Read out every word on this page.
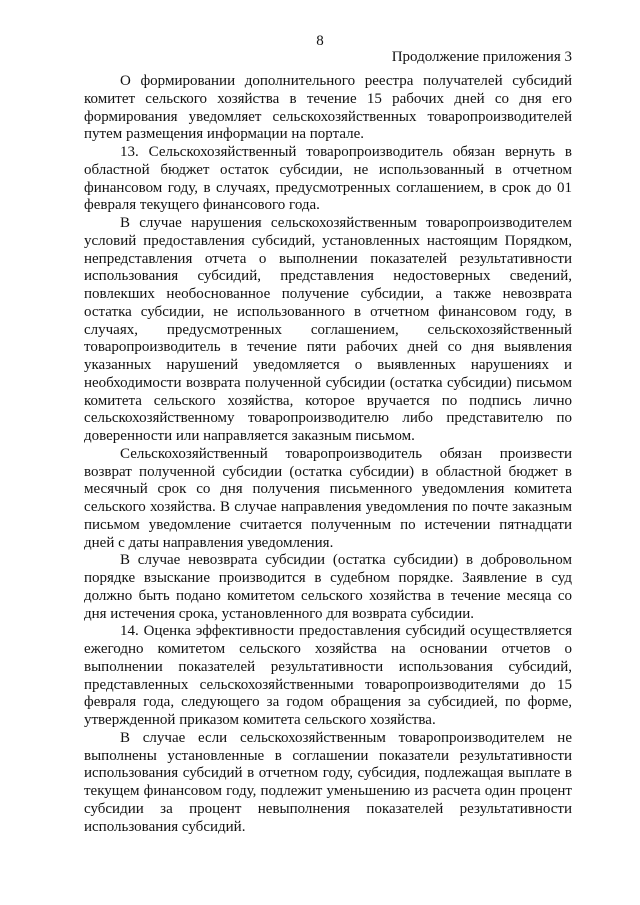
8
Продолжение приложения 3

О формировании дополнительного реестра получателей субсидий комитет сельского хозяйства в течение 15 рабочих дней со дня его формирования уведомляет сельскохозяйственных товаропроизводителей путем размещения информации на портале.

13. Сельскохозяйственный товаропроизводитель обязан вернуть в областной бюджет остаток субсидии, не использованный в отчетном финансовом году, в случаях, предусмотренных соглашением, в срок до 01 февраля текущего финансового года.

В случае нарушения сельскохозяйственным товаропроизводителем условий предоставления субсидий, установленных настоящим Порядком, непредставления отчета о выполнении показателей результативности использования субсидий, представления недостоверных сведений, повлекших необоснованное получение субсидии, а также невозврата остатка субсидии, не использованного в отчетном финансовом году, в случаях, предусмотренных соглашением, сельскохозяйственный товаропроизводитель в течение пяти рабочих дней со дня выявления указанных нарушений уведомляется о выявленных нарушениях и необходимости возврата полученной субсидии (остатка субсидии) письмом комитета сельского хозяйства, которое вручается по подпись лично сельскохозяйственному товаропроизводителю либо представителю по доверенности или направляется заказным письмом.

Сельскохозяйственный товаропроизводитель обязан произвести возврат полученной субсидии (остатка субсидии) в областной бюджет в месячный срок со дня получения письменного уведомления комитета сельского хозяйства. В случае направления уведомления по почте заказным письмом уведомление считается полученным по истечении пятнадцати дней с даты направления уведомления.

В случае невозврата субсидии (остатка субсидии) в добровольном порядке взыскание производится в судебном порядке. Заявление в суд должно быть подано комитетом сельского хозяйства в течение месяца со дня истечения срока, установленного для возврата субсидии.

14. Оценка эффективности предоставления субсидий осуществляется ежегодно комитетом сельского хозяйства на основании отчетов о выполнении показателей результативности использования субсидий, представленных сельскохозяйственными товаропроизводителями до 15 февраля года, следующего за годом обращения за субсидией, по форме, утвержденной приказом комитета сельского хозяйства.

В случае если сельскохозяйственным товаропроизводителем не выполнены установленные в соглашении показатели результативности использования субсидий в отчетном году, субсидия, подлежащая выплате в текущем финансовом году, подлежит уменьшению из расчета один процент субсидии за процент невыполнения показателей результативности использования субсидий.
